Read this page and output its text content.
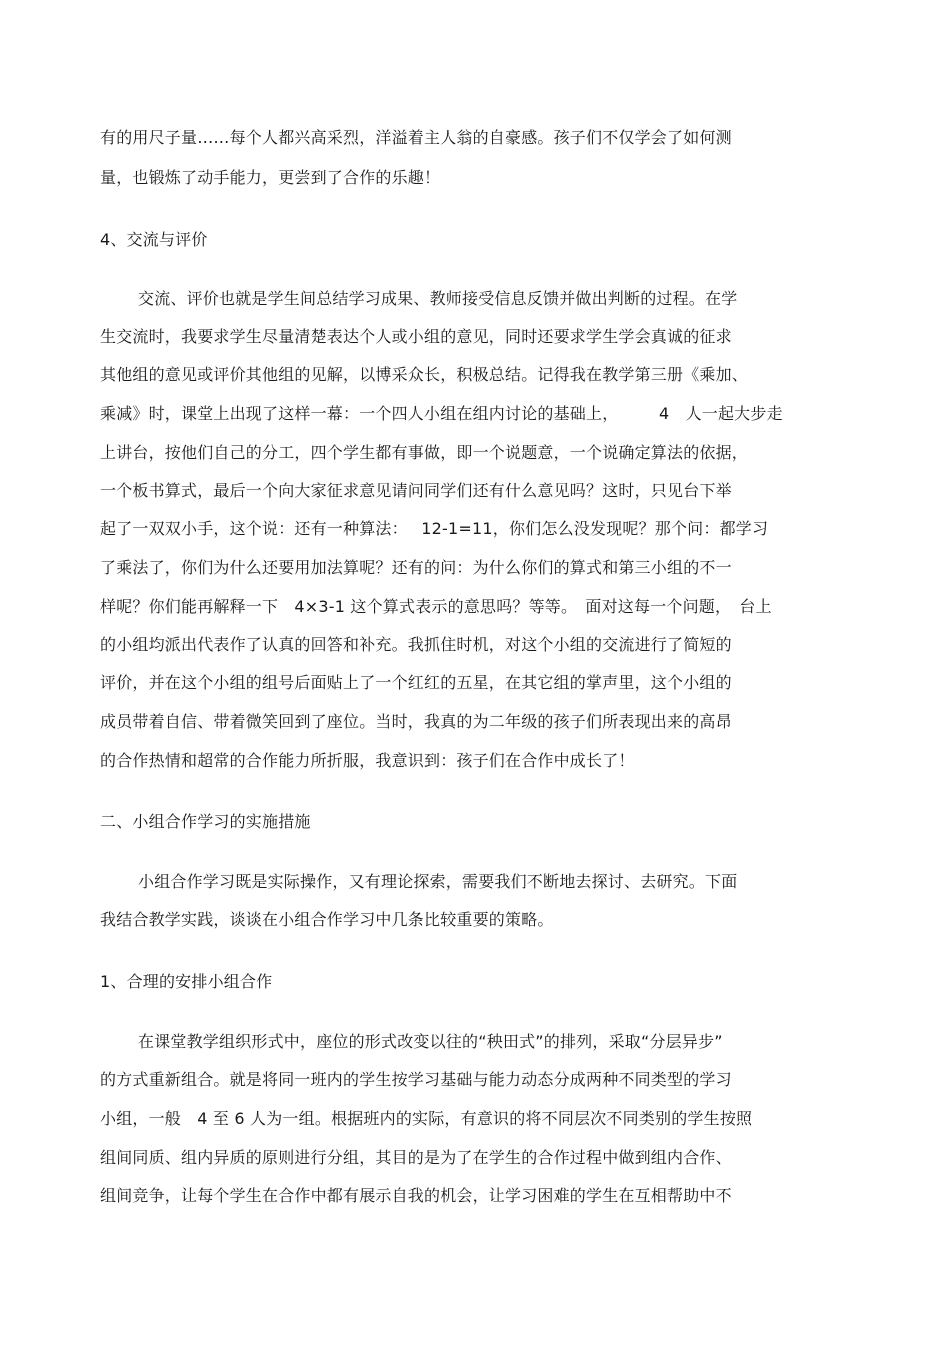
有的用尺子量……每个人都兴高采烈，洋溢着主人翁的自豪感。孩子们不仅学会了如何测
量，也锻炼了动手能力，更尝到了合作的乐趣！
4、交流与评价
交流、评价也就是学生间总结学习成果、教师接受信息反馈并做出判断的过程。在学
生交流时，我要求学生尽量清楚表达个人或小组的意见，同时还要求学生学会真诚的征求
其他组的意见或评价其他组的见解，以博采众长，积极总结。记得我在教学第三册《乘加、
乘减》时，课堂上出现了这样一幕：一个四人小组在组内讨论的基础上，　　　4　人一起大步走
上讲台，按他们自己的分工，四个学生都有事做，即一个说题意，一个说确定算法的依据，
一个板书算式，最后一个向大家征求意见请问同学们还有什么意见吗？这时，只见台下举
起了一双双小手，这个说：还有一种算法：　 12-1=11，你们怎么没发现呢？那个问：都学习
了乘法了，你们为什么还要用加法算呢？还有的问：为什么你们的算式和第三小组的不一
样呢？你们能再解释一下　4×3-1 这个算式表示的意思吗？等等。　面对这每一个问题，　台上
的小组均派出代表作了认真的回答和补充。我抓住时机，对这个小组的交流进行了简短的
评价，并在这个小组的组号后面贴上了一个红红的五星，在其它组的掌声里，这个小组的
成员带着自信、带着微笑回到了座位。当时，我真的为二年级的孩子们所表现出来的高昂
的合作热情和超常的合作能力所折服，我意识到：孩子们在合作中成长了！
二、小组合作学习的实施措施
小组合作学习既是实际操作，又有理论探索，需要我们不断地去探讨、去研究。下面
我结合教学实践，谈谈在小组合作学习中几条比较重要的策略。
1、合理的安排小组合作
在课堂教学组织形式中，座位的形式改变以往的“秧田式”的排列，采取“分层异步”
的方式重新组合。就是将同一班内的学生按学习基础与能力动态分成两种不同类型的学习
小组，一般　4 至 6 人为一组。根据班内的实际，有意识的将不同层次不同类别的学生按照
组间同质、组内异质的原则进行分组，其目的是为了在学生的合作过程中做到组内合作、
组间竞争，让每个学生在合作中都有展示自我的机会，让学习困难的学生在互相帮助中不
